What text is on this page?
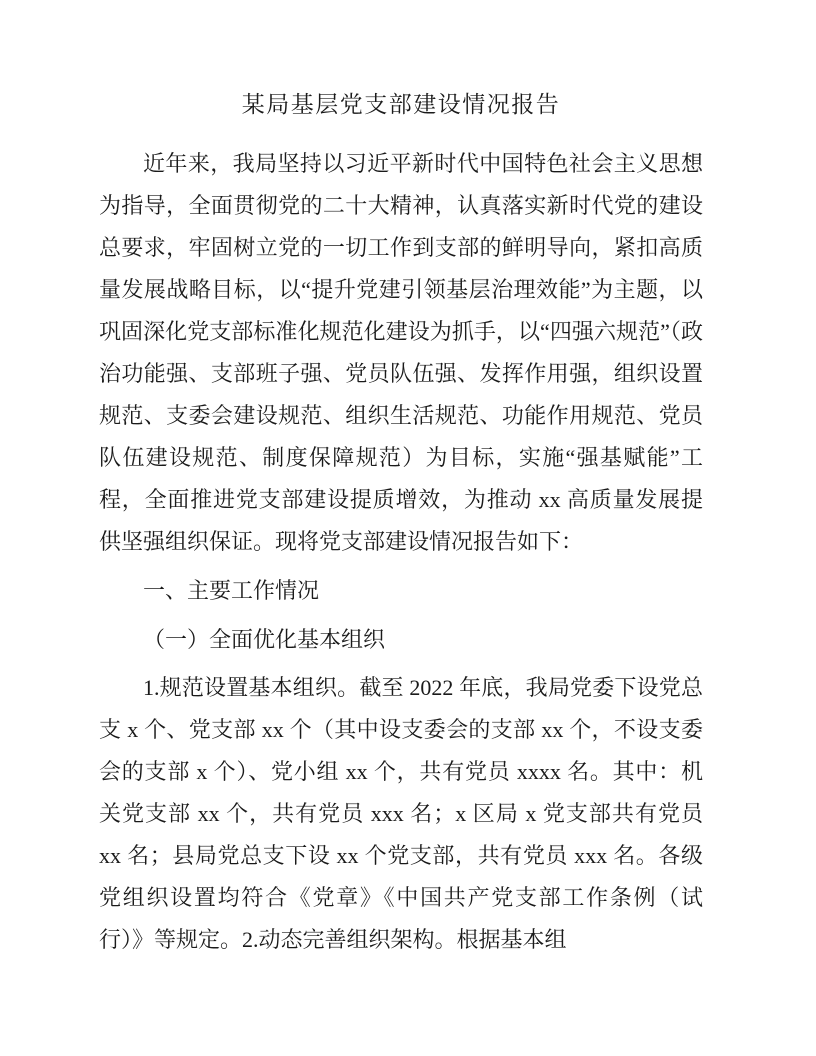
某局基层党支部建设情况报告

近年来，我局坚持以习近平新时代中国特色社会主义思想为指导，全面贯彻党的二十大精神，认真落实新时代党的建设总要求，牢固树立党的一切工作到支部的鲜明导向，紧扣高质量发展战略目标，以“提升党建引领基层治理效能”为主题，以巩固深化党支部标准化规范化建设为抓手，以“四强六规范”（政治功能强、支部班子强、党员队伍强、发挥作用强，组织设置规范、支委会建设规范、组织生活规范、功能作用规范、党员队伍建设规范、制度保障规范）为目标，实施“强基赋能”工程，全面推进党支部建设提质增效，为推动 xx 高质量发展提供坚强组织保证。现将党支部建设情况报告如下：

一、主要工作情况
（一）全面优化基本组织

1.规范设置基本组织。截至 2022 年底，我局党委下设党总支 x 个、党支部 xx 个（其中设支委会的支部 xx 个，不设支委会的支部 x 个）、党小组 xx 个，共有党员 xxxx 名。其中：机关党支部 xx 个，共有党员 xxx 名；x 区局 x 党支部共有党员 xx 名；县局党总支下设 xx 个党支部，共有党员 xxx 名。各级党组织设置均符合《党章》《中国共产党支部工作条例（试行）》等规定。2.动态完善组织架构。根据基本组
